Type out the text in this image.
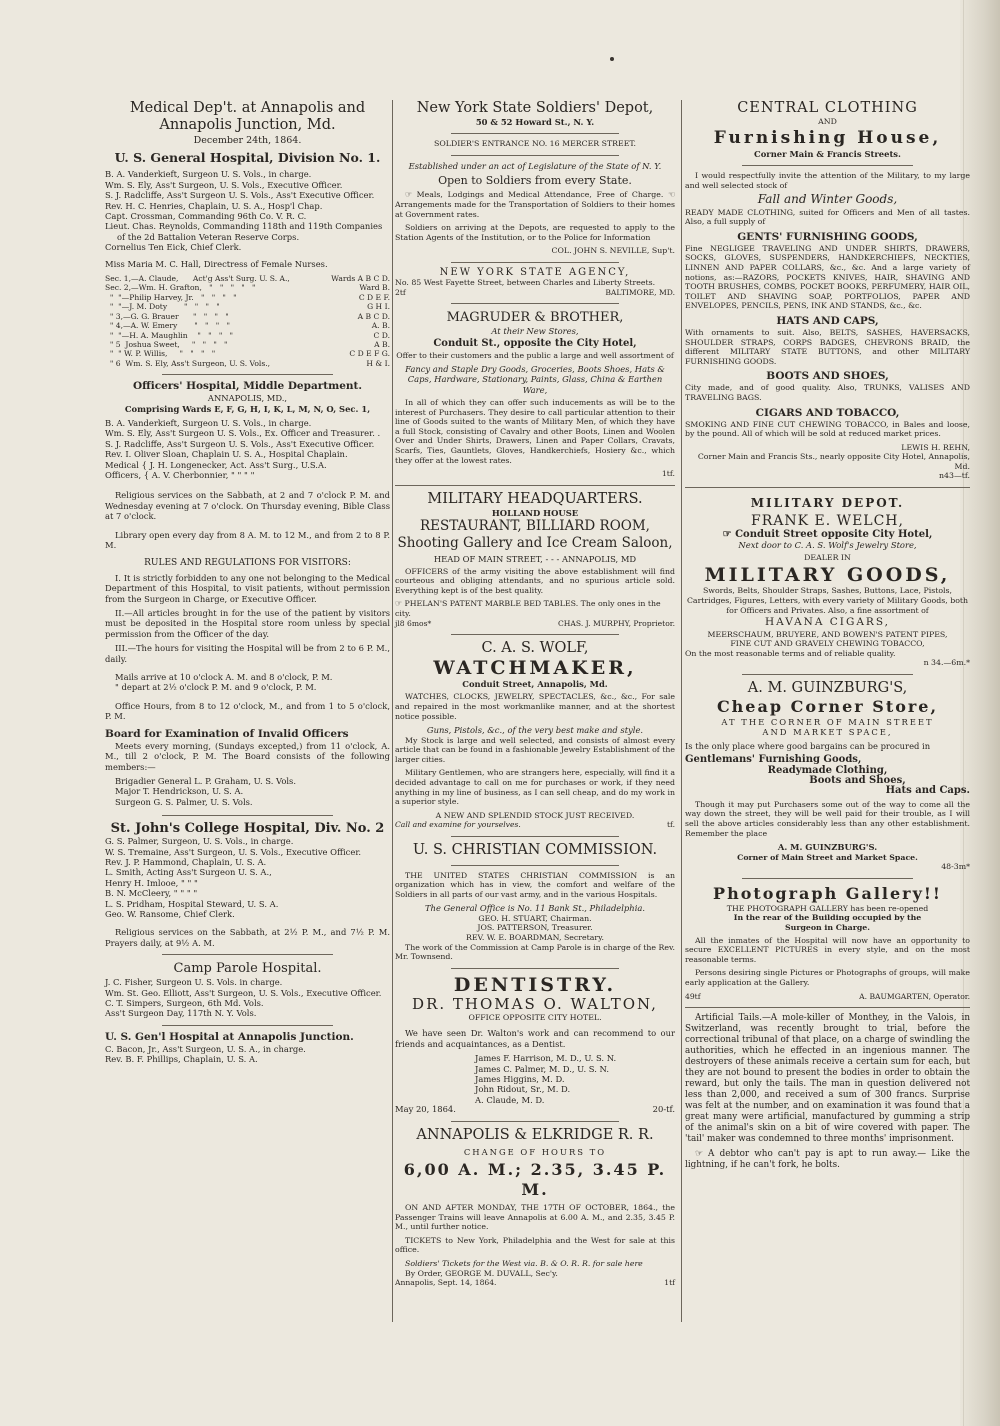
Medical Dep't. at Annapolis and Annapolis Junction, Md.
December 24th, 1864.
U. S. General Hospital, Division No. 1.
B. A. Vanderkieft, Surgeon U. S. Vols., in charge.
Wm. S. Ely, Ass't Surgeon, U. S. Vols., Executive Officer.
S. J. Radcliffe, Ass't Surgeon U. S. Vols., Ass't Executive Officer.
Rev. H. C. Henries, Chaplain, U. S. A., Hosp'l Chap.
Capt. Crossman, Commanding 96th Co. V. R. C.
Lieut. Chas. Reynolds, Commanding 118th and 119th Companies of the 2d Battalion Veteran Reserve Corps.
Cornelius Ten Eick, Chief Clerk.
Miss Maria M. C. Hall, Directress of Female Nurses.
Sec. 1,—A. Claude,      Act'g Ass't Surg. U. S. A.,	Wards A B C D.
Sec. 2,—Wm. H. Grafton,   "   "   "   "   "	Ward B.
"  "—Philip Harvey, Jr.   "   "   "   "	C D E F.
"  "—J. M. Doty       "   "   "   "	G H I.
" 3,—G. G. Brauer      "   "   "   "	A B C D.
" 4,—A. W. Emery       "   "   "   "	A. B.
"  "—H. A. Maughlin    "   "   "   "	C D.
" 5  Joshua Sweet,     "   "   "   "	A B.
"  " W. P. Willis,     "   "   "   "	C D E F G.
" 6  Wm. S. Ely, Ass't Surgeon, U. S. Vols.,	H & I.
Officers' Hospital, Middle Department.
ANNAPOLIS, MD.,
Comprising Wards E, F, G, H, I, K, L, M, N, O, Sec. 1,
B. A. Vanderkieft, Surgeon U. S. Vols., in charge.
Wm. S. Ely, Ass't Surgeon U. S. Vols., Ex. Officer and Treasurer. .
S. J. Radcliffe, Ass't Surgeon U. S. Vols., Ass't Executive Officer.
Rev. I. Oliver Sloan, Chaplain U. S. A., Hospital Chaplain.
Medical { J. H. Longenecker, Act. Ass't Surg., U.S.A.
Officers, { A. V. Cherbonnier, " " " "

Religious services on the Sabbath, at 2 and 7 o'clock P. M. and Wednesday evening at 7 o'clock. On Thursday evening, Bible Class at 7 o'clock.

Library open every day from 8 A. M. to 12 M., and from 2 to 8 P. M.

RULES AND REGULATIONS FOR VISITORS:

I. It is strictly forbidden to any one not belonging to the Medical Department of this Hospital, to visit patients, without permission from the Surgeon in Charge, or Executive Officer.

II.—All articles brought in for the use of the patient by visitors must be deposited in the Hospital store room unless by special permission from the Officer of the day.

III.—The hours for visiting the Hospital will be from 2 to 6 P. M., daily.

Mails arrive at 10 o'clock A. M. and 8 o'clock, P. M.
" depart at 2½ o'clock P. M. and 9 o'clock, P. M.

Office Hours, from 8 to 12 o'clock, M., and from 1 to 5 o'clock, P. M.

Board for Examination of Invalid Officers

Meets every morning, (Sundays excepted,) from 11 o'clock, A. M., till 2 o'clock, P. M. The Board consists of the following members:—

Brigadier General L. P. Graham, U. S. Vols.
Major T. Hendrickson, U. S. A.
Surgeon G. S. Palmer, U. S. Vols.
St. John's College Hospital, Div. No. 2
G. S. Palmer, Surgeon, U. S. Vols., in charge.
W. S. Tremaine, Ass't Surgeon, U. S. Vols., Executive Officer.
Rev. J. P. Hammond, Chaplain, U. S. A.
L. Smith, Acting Ass't Surgeon U. S. A.,
Henry H. Imlooe, " " "
B. N. McCleery, " " " "
L. S. Pridham, Hospital Steward, U. S. A.
Geo. W. Ransome, Chief Clerk.

Religious services on the Sabbath, at 2½ P. M., and 7½ P. M. Prayers daily, at 9½ A. M.

Camp Parole Hospital.
J. C. Fisher, Surgeon U. S. Vols. in charge.
Wm. St. Geo. Elliott, Ass't Surgeon, U. S. Vols., Executive Officer.
C. T. Simpers, Surgeon, 6th Md. Vols.
Ass't Surgeon Day, 117th N. Y. Vols.
U. S. Gen'l Hospital at Annapolis Junction.
C. Bacon, Jr., Ass't Surgeon, U. S. A., in charge.
Rev. B. F. Phillips, Chaplain, U. S. A.
New York State Soldiers' Depot,
50 & 52 Howard St., N. Y.
SOLDIER'S ENTRANCE NO. 16 MERCER STREET.
Established under an act of Legislature of the State of N. Y.
Open to Soldiers from every State.

☞ Meals, Lodgings and Medical Attendance, Free of Charge. ☜ Arrangements made for the Transportation of Soldiers to their homes at Government rates.

Soldiers on arriving at the Depots, are requested to apply to the Station Agents of the Institution, or to the Police for Information

COL. JOHN S. NEVILLE, Sup't.
NEW YORK STATE AGENCY,
No. 85 West Fayette Street, between Charles and Liberty Streets.
2tf	BALTIMORE, MD.
MAGRUDER & BROTHER,
At their New Stores,
Conduit St., opposite the City Hotel,
Offer to their customers and the public a large and well assortment of
Fancy and Staple Dry Goods, Groceries, Boots Shoes, Hats & Caps, Hardware, Stationary, Paints, Glass, China & Earthen Ware,

In all of which they can offer such inducements as will be to the interest of Purchasers. They desire to call particular attention to their line of Goods suited to the wants of Military Men, of which they have a full Stock, consisting of Cavalry and other Boots, Linen and Woolen Over and Under Shirts, Drawers, Linen and Paper Collars, Cravats, Scarfs, Ties, Gauntlets, Gloves, Handkerchiefs, Hosiery &c., which they offer at the lowest rates.

1tf.
MILITARY HEADQUARTERS.
HOLLAND HOUSE
RESTAURANT, BILLIARD ROOM,
Shooting Gallery and Ice Cream Saloon,
HEAD OF MAIN STREET, - - - ANNAPOLIS, MD

OFFICERS of the army visiting the above establishment will find courteous and obliging attendants, and no spurious article sold. Everything kept is of the best quality.

☞ PHELAN'S PATENT MARBLE BED TABLES. The only ones in the city.
jl8 6mos*	CHAS. J. MURPHY, Proprietor.
C. A. S. WOLF,
WATCHMAKER,
Conduit Street, Annapolis, Md.

WATCHES, CLOCKS, JEWELRY, SPECTACLES, &c., &c., For sale and repaired in the most workmanlike manner, and at the shortest notice possible.

Guns, Pistols, &c., of the very best make and style.

My Stock is large and well selected, and consists of almost every article that can be found in a fashionable Jewelry Establishment of the larger cities.

Military Gentlemen, who are strangers here, especially, will find it a decided advantage to call on me for purchases or work, if they need anything in my line of business, as I can sell cheap, and do my work in a superior style.

A NEW AND SPLENDID STOCK JUST RECEIVED.
Call and examine for yourselves.	tf.
U. S. CHRISTIAN COMMISSION.

THE UNITED STATES CHRISTIAN COMMISSION is an organization which has in view, the comfort and welfare of the Soldiers in all parts of our vast army, and in the various Hospitals.

The General Office is No. 11 Bank St., Philadelphia.
GEO. H. STUART, Chairman.
JOS. PATTERSON, Treasurer.
REV. W. E. BOARDMAN, Secretary.

The work of the Commission at Camp Parole is in charge of the Rev. Mr. Townsend.

DENTISTRY.
DR. THOMAS O. WALTON,
OFFICE OPPOSITE CITY HOTEL.

We have seen Dr. Walton's work and can recommend to our friends and acquaintances, as a Dentist.

James F. Harrison, M. D., U. S. N.
James C. Palmer, M. D., U. S. N.
James Higgins, M. D.
John Ridout, Sr., M. D.
A. Claude, M. D.
May 20, 1864.	20-tf.
ANNAPOLIS & ELKRIDGE R. R.
CHANGE OF HOURS TO
6,00 A. M.; 2.35, 3.45 P. M.

ON AND AFTER MONDAY, THE 17TH OF OCTOBER, 1864., the Passenger Trains will leave Annapolis at 6.00 A. M., and 2.35, 3.45 P. M., until further notice.

TICKETS to New York, Philadelphia and the West for sale at this office.

Soldiers' Tickets for the West via. B. & O. R. R. for sale here
By Order, GEORGE M. DUVALL, Sec'y.
Annapolis, Sept. 14, 1864.	1tf
CENTRAL CLOTHING
AND
Furnishing House,
Corner Main & Francis Streets.

I would respectfully invite the attention of the Military, to my large and well selected stock of

Fall and Winter Goods,

READY MADE CLOTHING, suited for Officers and Men of all tastes. Also, a full supply of

GENTS' FURNISHING GOODS,

Fine NEGLIGEE TRAVELING AND UNDER SHIRTS, DRAWERS, SOCKS, GLOVES, SUSPENDERS, HANDKERCHIEFS, NECKTIES, LINNEN AND PAPER COLLARS, &c., &c. And a large variety of notions, as:—RAZORS, POCKETS KNIVES, HAIR, SHAVING AND TOOTH BRUSHES, COMBS, POCKET BOOKS, PERFUMERY, HAIR OIL, TOILET AND SHAVING SOAP, PORTFOLIOS, PAPER AND ENVELOPES, PENCILS, PENS, INK AND STANDS, &c., &c.

HATS AND CAPS,

With ornaments to suit. Also, BELTS, SASHES, HAVERSACKS, SHOULDER STRAPS, CORPS BADGES, CHEVRONS BRAID, the different MILITARY STATE BUTTONS, and other MILITARY FURNISHING GOODS.

BOOTS AND SHOES,

City made, and of good quality. Also, TRUNKS, VALISES AND TRAVELING BAGS.

CIGARS AND TOBACCO,

SMOKING AND FINE CUT CHEWING TOBACCO, in Bales and loose, by the pound. All of which will be sold at reduced market prices.

LEWIS H. REHN,
Corner Main and Francis Sts., nearly opposite City Hotel, Annapolis, Md.
n43—tf.
MILITARY DEPOT.
FRANK E. WELCH,
☞ Conduit Street opposite City Hotel,
Next door to C. A. S. Wolf's Jewelry Store,
DEALER IN
MILITARY GOODS,
Swords, Belts, Shoulder Straps, Sashes, Buttons, Lace, Pistols, Cartridges, Figures, Letters, with every variety of Military Goods, both for Officers and Privates. Also, a fine assortment of
HAVANA CIGARS,
MEERSCHAUM, BRUYERE, AND BOWEN'S PATENT PIPES,
FINE CUT AND GRAVELY CHEWING TOBACCO,
On the most reasonable terms and of reliable quality.
n 34.—6m.*
A. M. GUINZBURG'S,
Cheap Corner Store,
AT THE CORNER OF MAIN STREET
AND MARKET SPACE,

Is the only place where good bargains can be procured in

Gentlemans' Furnishing Goods,
Readymade Clothing,
Boots and Shoes,
Hats and Caps.

Though it may put Purchasers some out of the way to come all the way down the street, they will be well paid for their trouble, as I will sell the above articles considerably less than any other establishment. Remember the place

A. M. GUINZBURG'S.
Corner of Main Street and Market Space.
48-3m*
Photograph Gallery!!
THE PHOTOGRAPH GALLERY has been re-opened
In the rear of the Building occupied by the
Surgeon in Charge.

All the inmates of the Hospital will now have an opportunity to secure EXCELLENT PICTURES in every style, and on the most reasonable terms.

Persons desiring single Pictures or Photographs of groups, will make early application at the Gallery.

49tf	A. BAUMGARTEN, Operator.

Artificial Tails.—A mole-killer of Monthey, in the Valois, in Switzerland, was recently brought to trial, before the correctional tribunal of that place, on a charge of swindling the authorities, which he effected in an ingenious manner. The destroyers of these animals receive a certain sum for each, but they are not bound to present the bodies in order to obtain the reward, but only the tails. The man in question delivered not less than 2,000, and received a sum of 300 francs. Surprise was felt at the number, and on examination it was found that a great many were artificial, manufactured by gumming a strip of the animal's skin on a bit of wire covered with paper. The 'tail' maker was condemned to three months' imprisonment.

☞ A debtor who can't pay is apt to run away.— Like the lightning, if he can't fork, he bolts.
